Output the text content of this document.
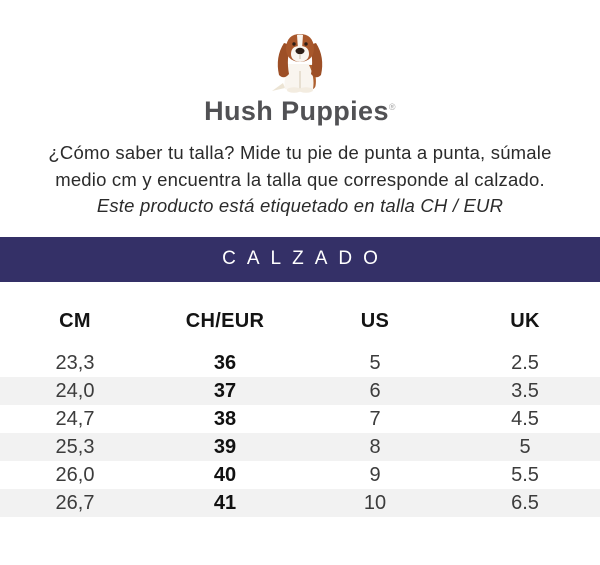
Hush Puppies®
¿Cómo saber tu talla? Mide tu pie de punta a punta, súmale
medio cm y encuentra la talla que corresponde al calzado.
Este producto está etiquetado en talla CH / EUR
CALZADO
CM	CH/EUR	US	UK
23,3	36	5	2.5
24,0	37	6	3.5
24,7	38	7	4.5
25,3	39	8	5
26,0	40	9	5.5
26,7	41	10	6.5
